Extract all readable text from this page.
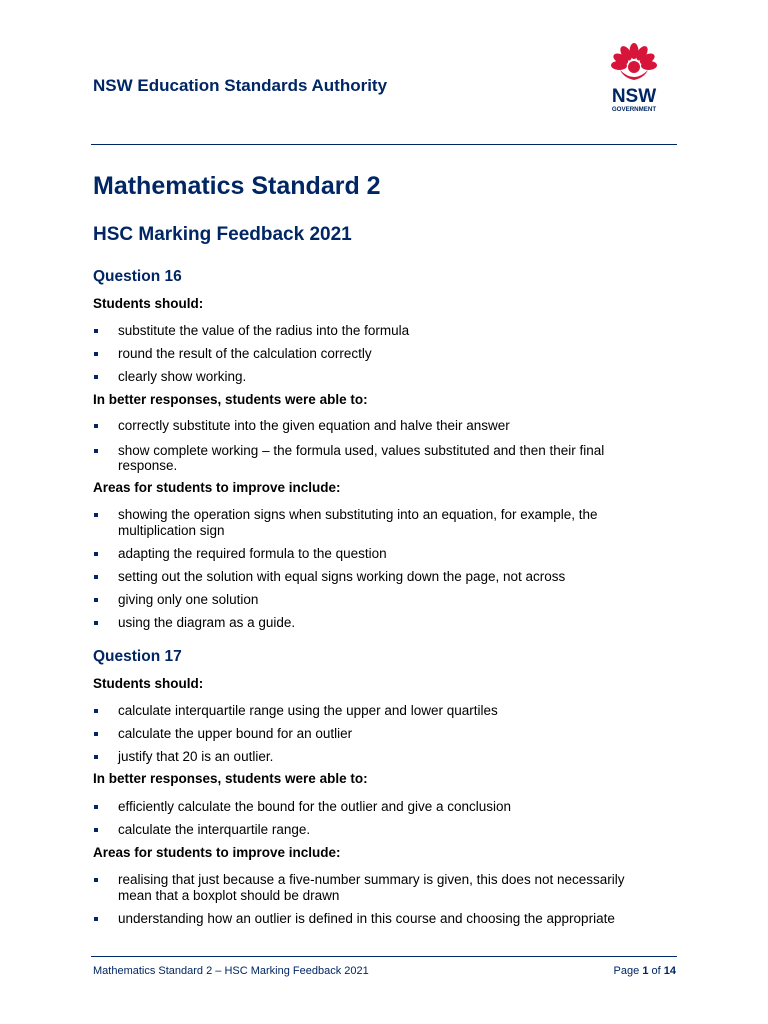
NSW Education Standards Authority
NSW
GOVERNMENT
Mathematics Standard 2
HSC Marking Feedback 2021
Question 16
Students should:
substitute the value of the radius into the formula
round the result of the calculation correctly
clearly show working.
In better responses, students were able to:
correctly substitute into the given equation and halve their answer
show complete working – the formula used, values substituted and then their final response.
Areas for students to improve include:
showing the operation signs when substituting into an equation, for example, the multiplication sign
adapting the required formula to the question
setting out the solution with equal signs working down the page, not across
giving only one solution
using the diagram as a guide.
Question 17
Students should:
calculate interquartile range using the upper and lower quartiles
calculate the upper bound for an outlier
justify that 20 is an outlier.
In better responses, students were able to:
efficiently calculate the bound for the outlier and give a conclusion
calculate the interquartile range.
Areas for students to improve include:
realising that just because a five-number summary is given, this does not necessarily mean that a boxplot should be drawn
understanding how an outlier is defined in this course and choosing the appropriate
Mathematics Standard 2 – HSC Marking Feedback 2021	Page 1 of 14
